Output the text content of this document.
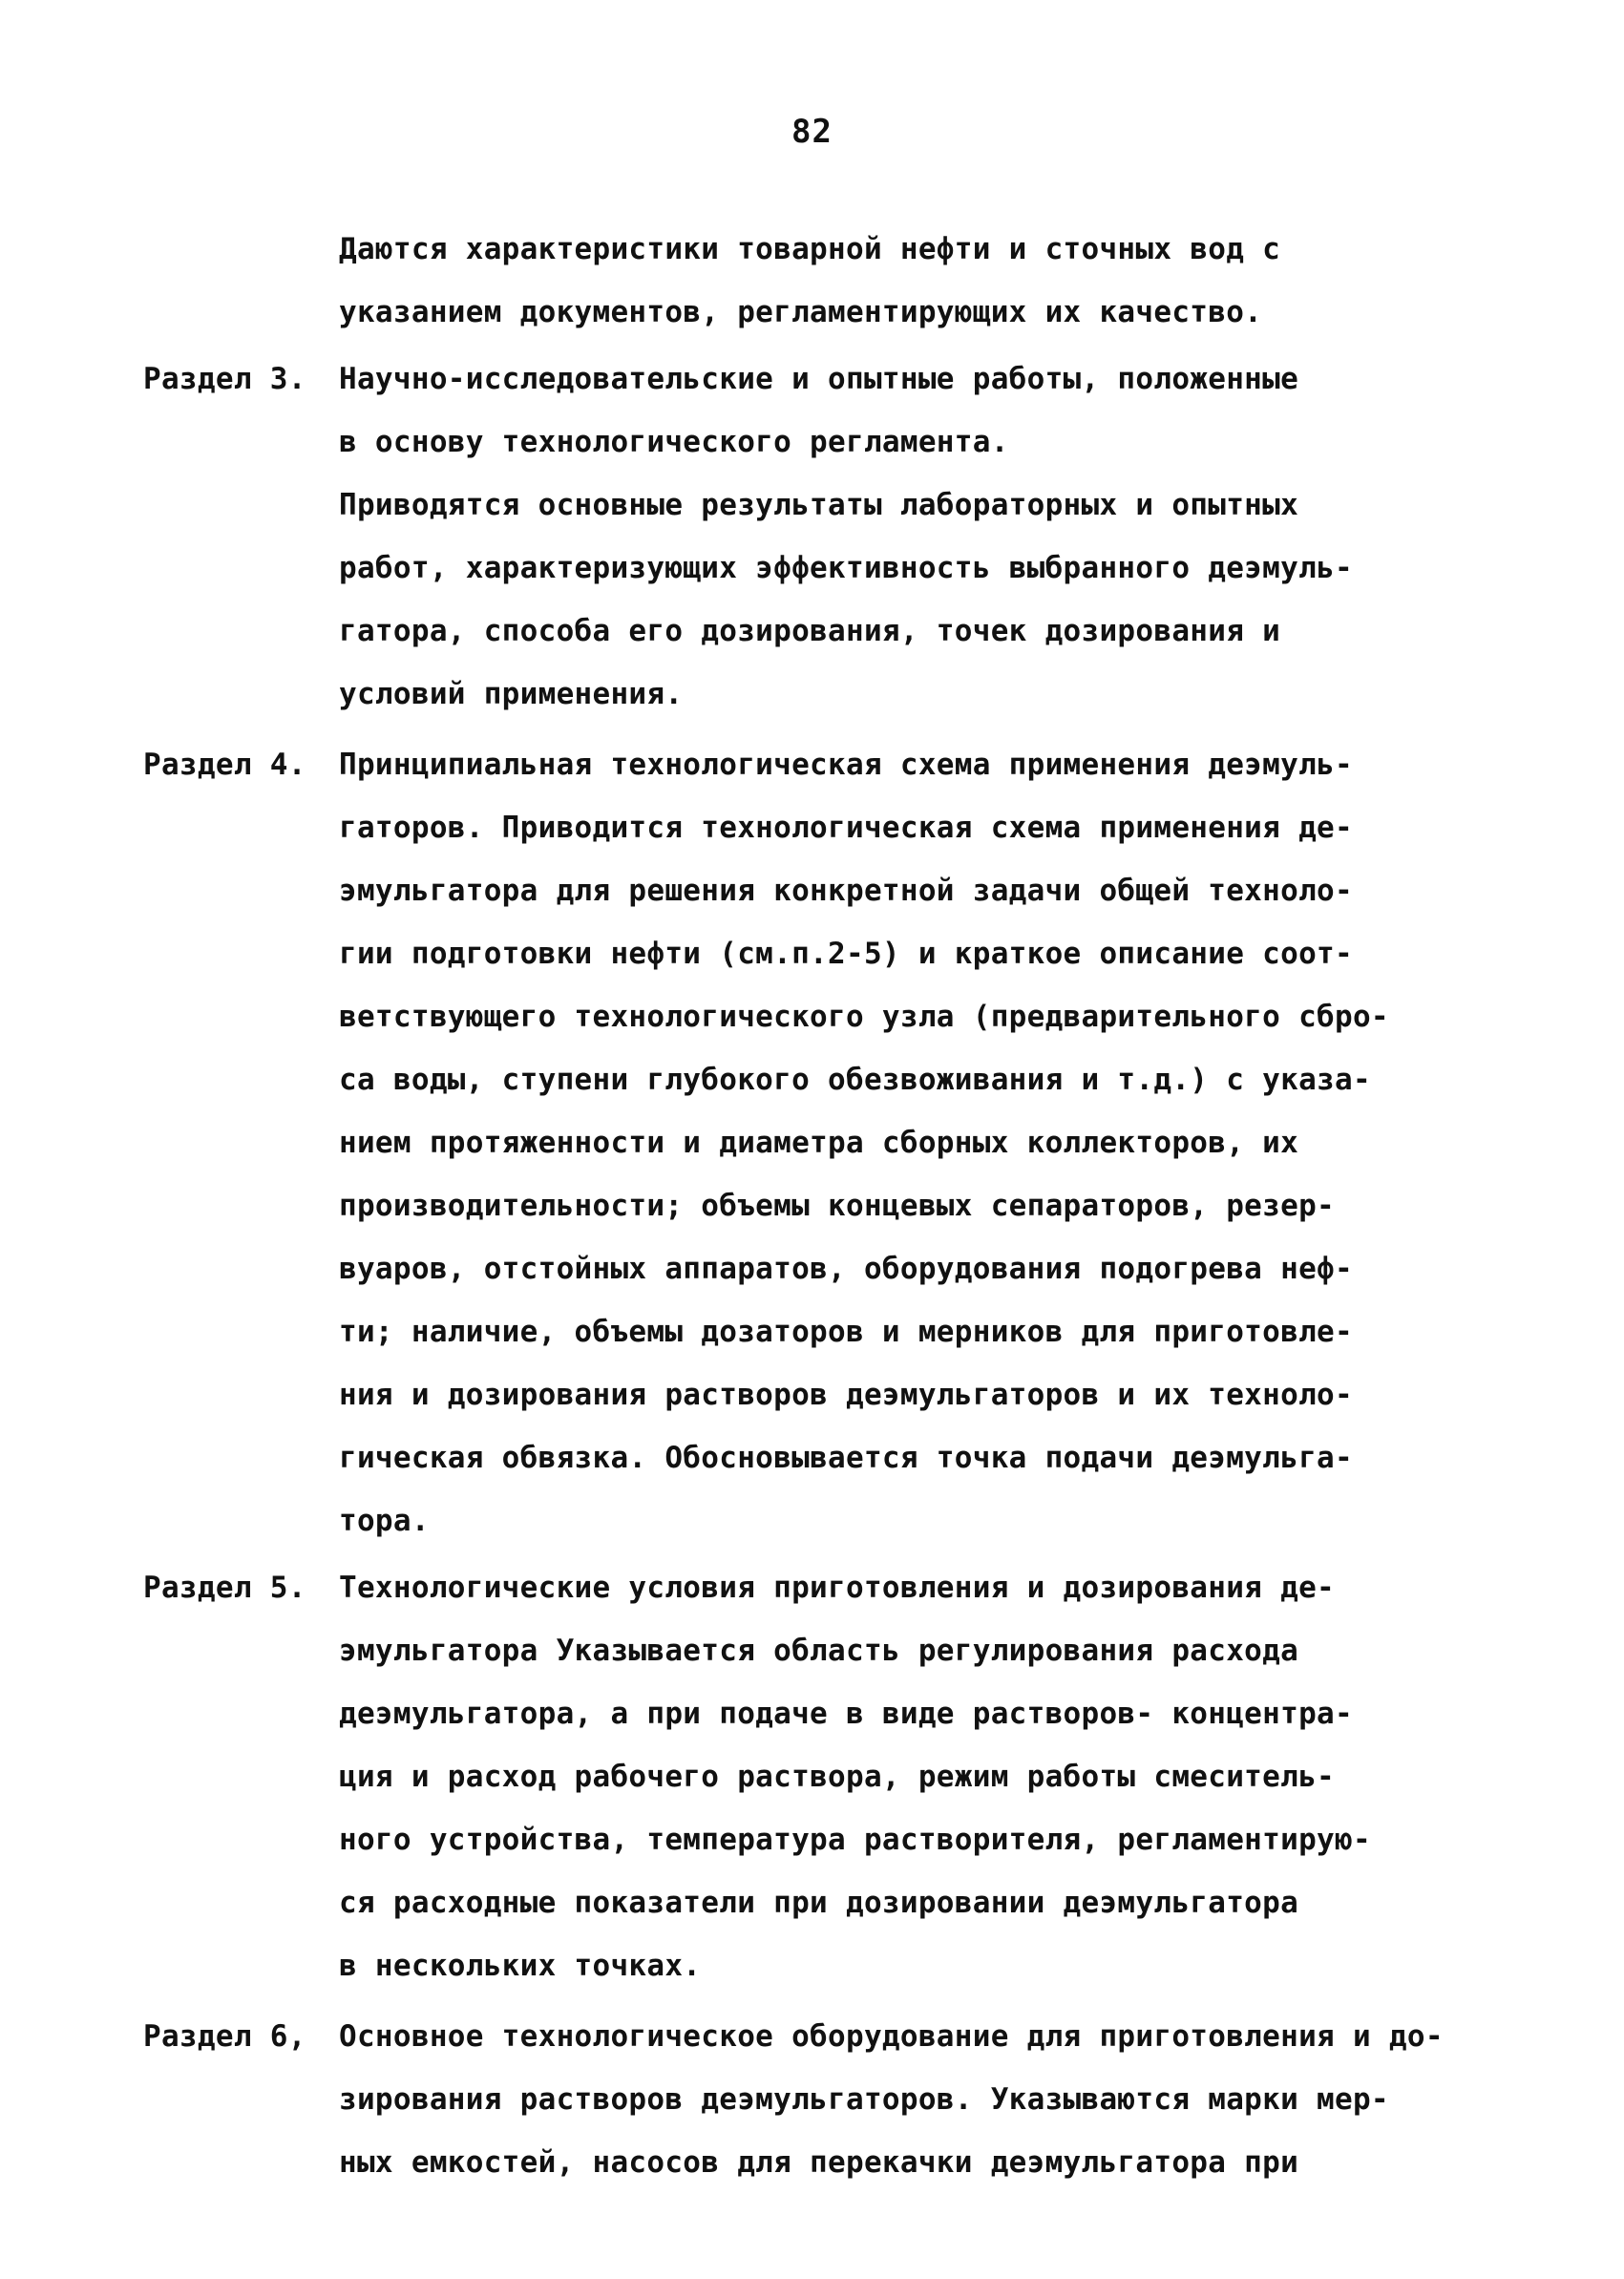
82
Даются характеристики товарной нефти и сточных вод с
указанием документов, регламентирующих их качество.
Раздел 3.	Научно-исследовательские и опытные работы, положенные
в основу технологического регламента.
Приводятся основные результаты лабораторных и опытных
работ, характеризующих эффективность выбранного деэмуль-
гатора, способа его дозирования, точек дозирования и
условий применения.
Раздел 4.	Принципиальная технологическая схема применения деэмуль-
гаторов. Приводится технологическая схема применения де-
эмульгатора для решения конкретной задачи общей техноло-
гии подготовки нефти (см.п.2-5) и краткое описание соот-
ветствующего технологического узла (предварительного сбро-
са воды, ступени глубокого обезвоживания и т.д.) с указа-
нием протяженности и диаметра сборных коллекторов, их
производительности; объемы концевых сепараторов, резер-
вуаров, отстойных аппаратов, оборудования подогрева неф-
ти; наличие, объемы дозаторов и мерников для приготовле-
ния и дозирования растворов деэмульгаторов и их техноло-
гическая обвязка. Обосновывается точка подачи деэмульга-
тора.
Раздел 5.	Технологические условия приготовления и дозирования де-
эмульгатора Указывается область регулирования расхода
деэмульгатора, а при подаче в виде растворов- концентра-
ция и расход рабочего раствора, режим работы смеситель-
ного устройства, температура растворителя, регламентирую-
ся расходные показатели при дозировании деэмульгатора
в нескольких точках.
Раздел 6,	Основное технологическое оборудование для приготовления и до-
зирования растворов деэмульгаторов. Указываются марки мер-
ных емкостей, насосов для перекачки деэмульгатора при
